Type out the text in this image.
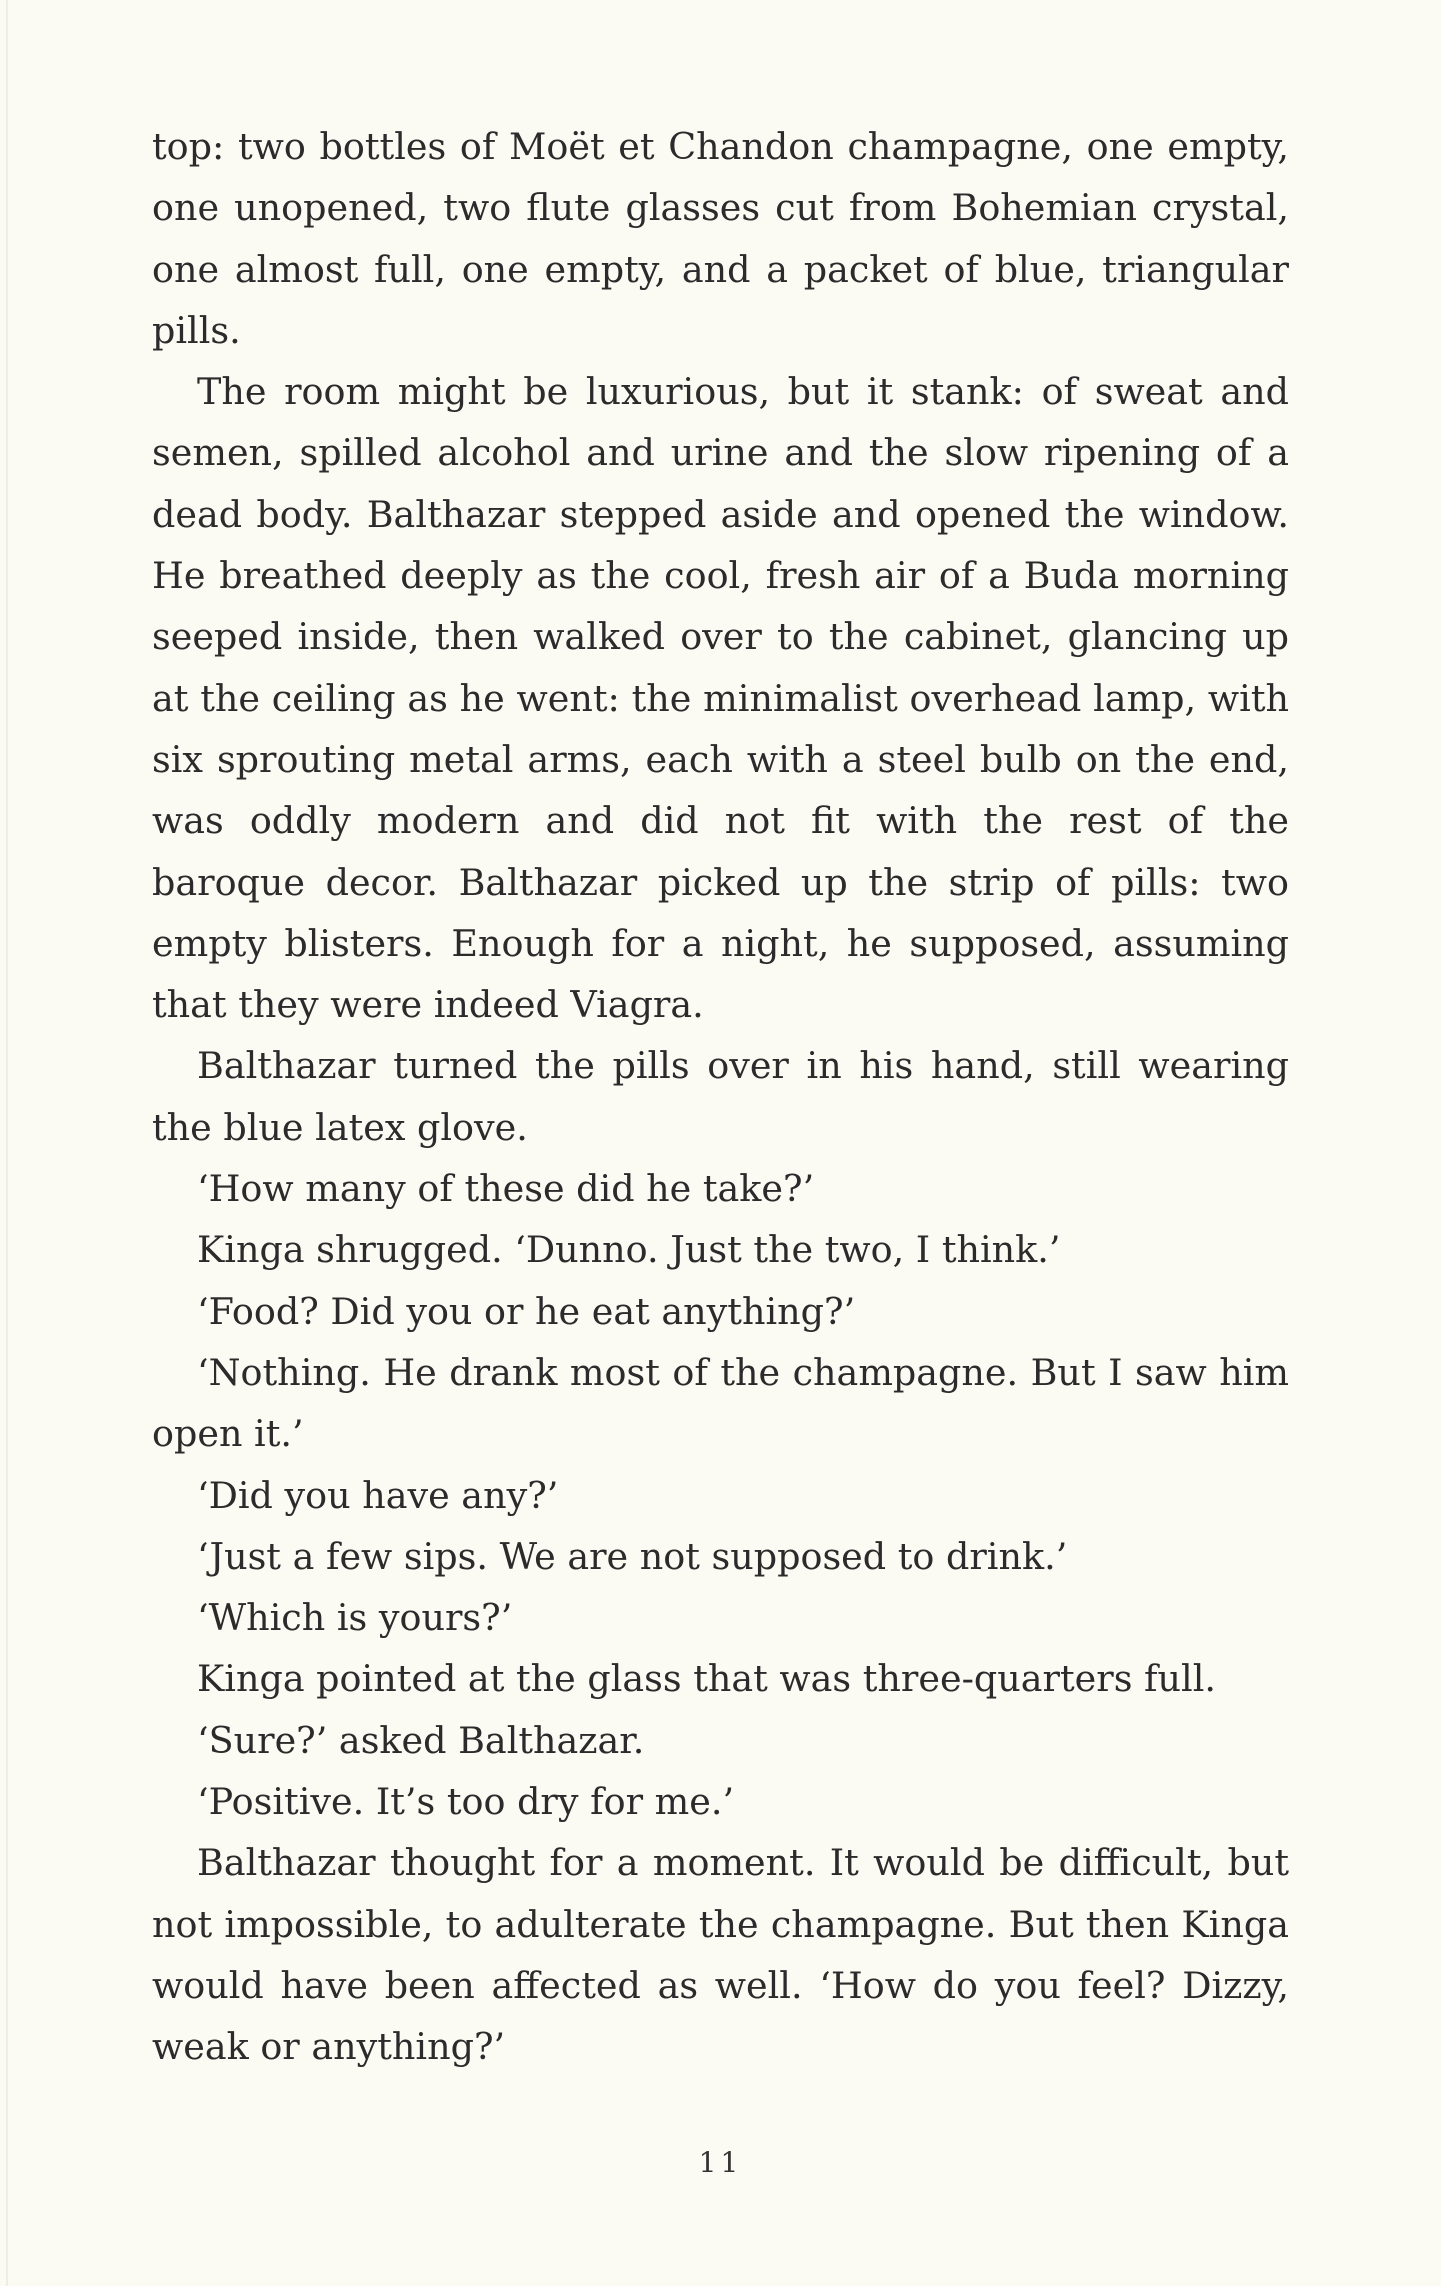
top: two bottles of Moët et Chandon champagne, one empty, one unopened, two flute glasses cut from Bohemian crystal, one almost full, one empty, and a packet of blue, triangular pills.

The room might be luxurious, but it stank: of sweat and semen, spilled alcohol and urine and the slow ripening of a dead body. Balthazar stepped aside and opened the window. He breathed deeply as the cool, fresh air of a Buda morning seeped inside, then walked over to the cabinet, glancing up at the ceiling as he went: the minimalist overhead lamp, with six sprouting metal arms, each with a steel bulb on the end, was oddly modern and did not fit with the rest of the baroque decor. Balthazar picked up the strip of pills: two empty blisters. Enough for a night, he supposed, assuming that they were indeed Viagra.

Balthazar turned the pills over in his hand, still wearing the blue latex glove.

‘How many of these did he take?’

Kinga shrugged. ‘Dunno. Just the two, I think.’

‘Food? Did you or he eat anything?’

‘Nothing. He drank most of the champagne. But I saw him open it.’

‘Did you have any?’

‘Just a few sips. We are not supposed to drink.’

‘Which is yours?’

Kinga pointed at the glass that was three-quarters full.

‘Sure?’ asked Balthazar.

‘Positive. It’s too dry for me.’

Balthazar thought for a moment. It would be difficult, but not impossible, to adulterate the champagne. But then Kinga would have been affected as well. ‘How do you feel? Dizzy, weak or anything?’

11
